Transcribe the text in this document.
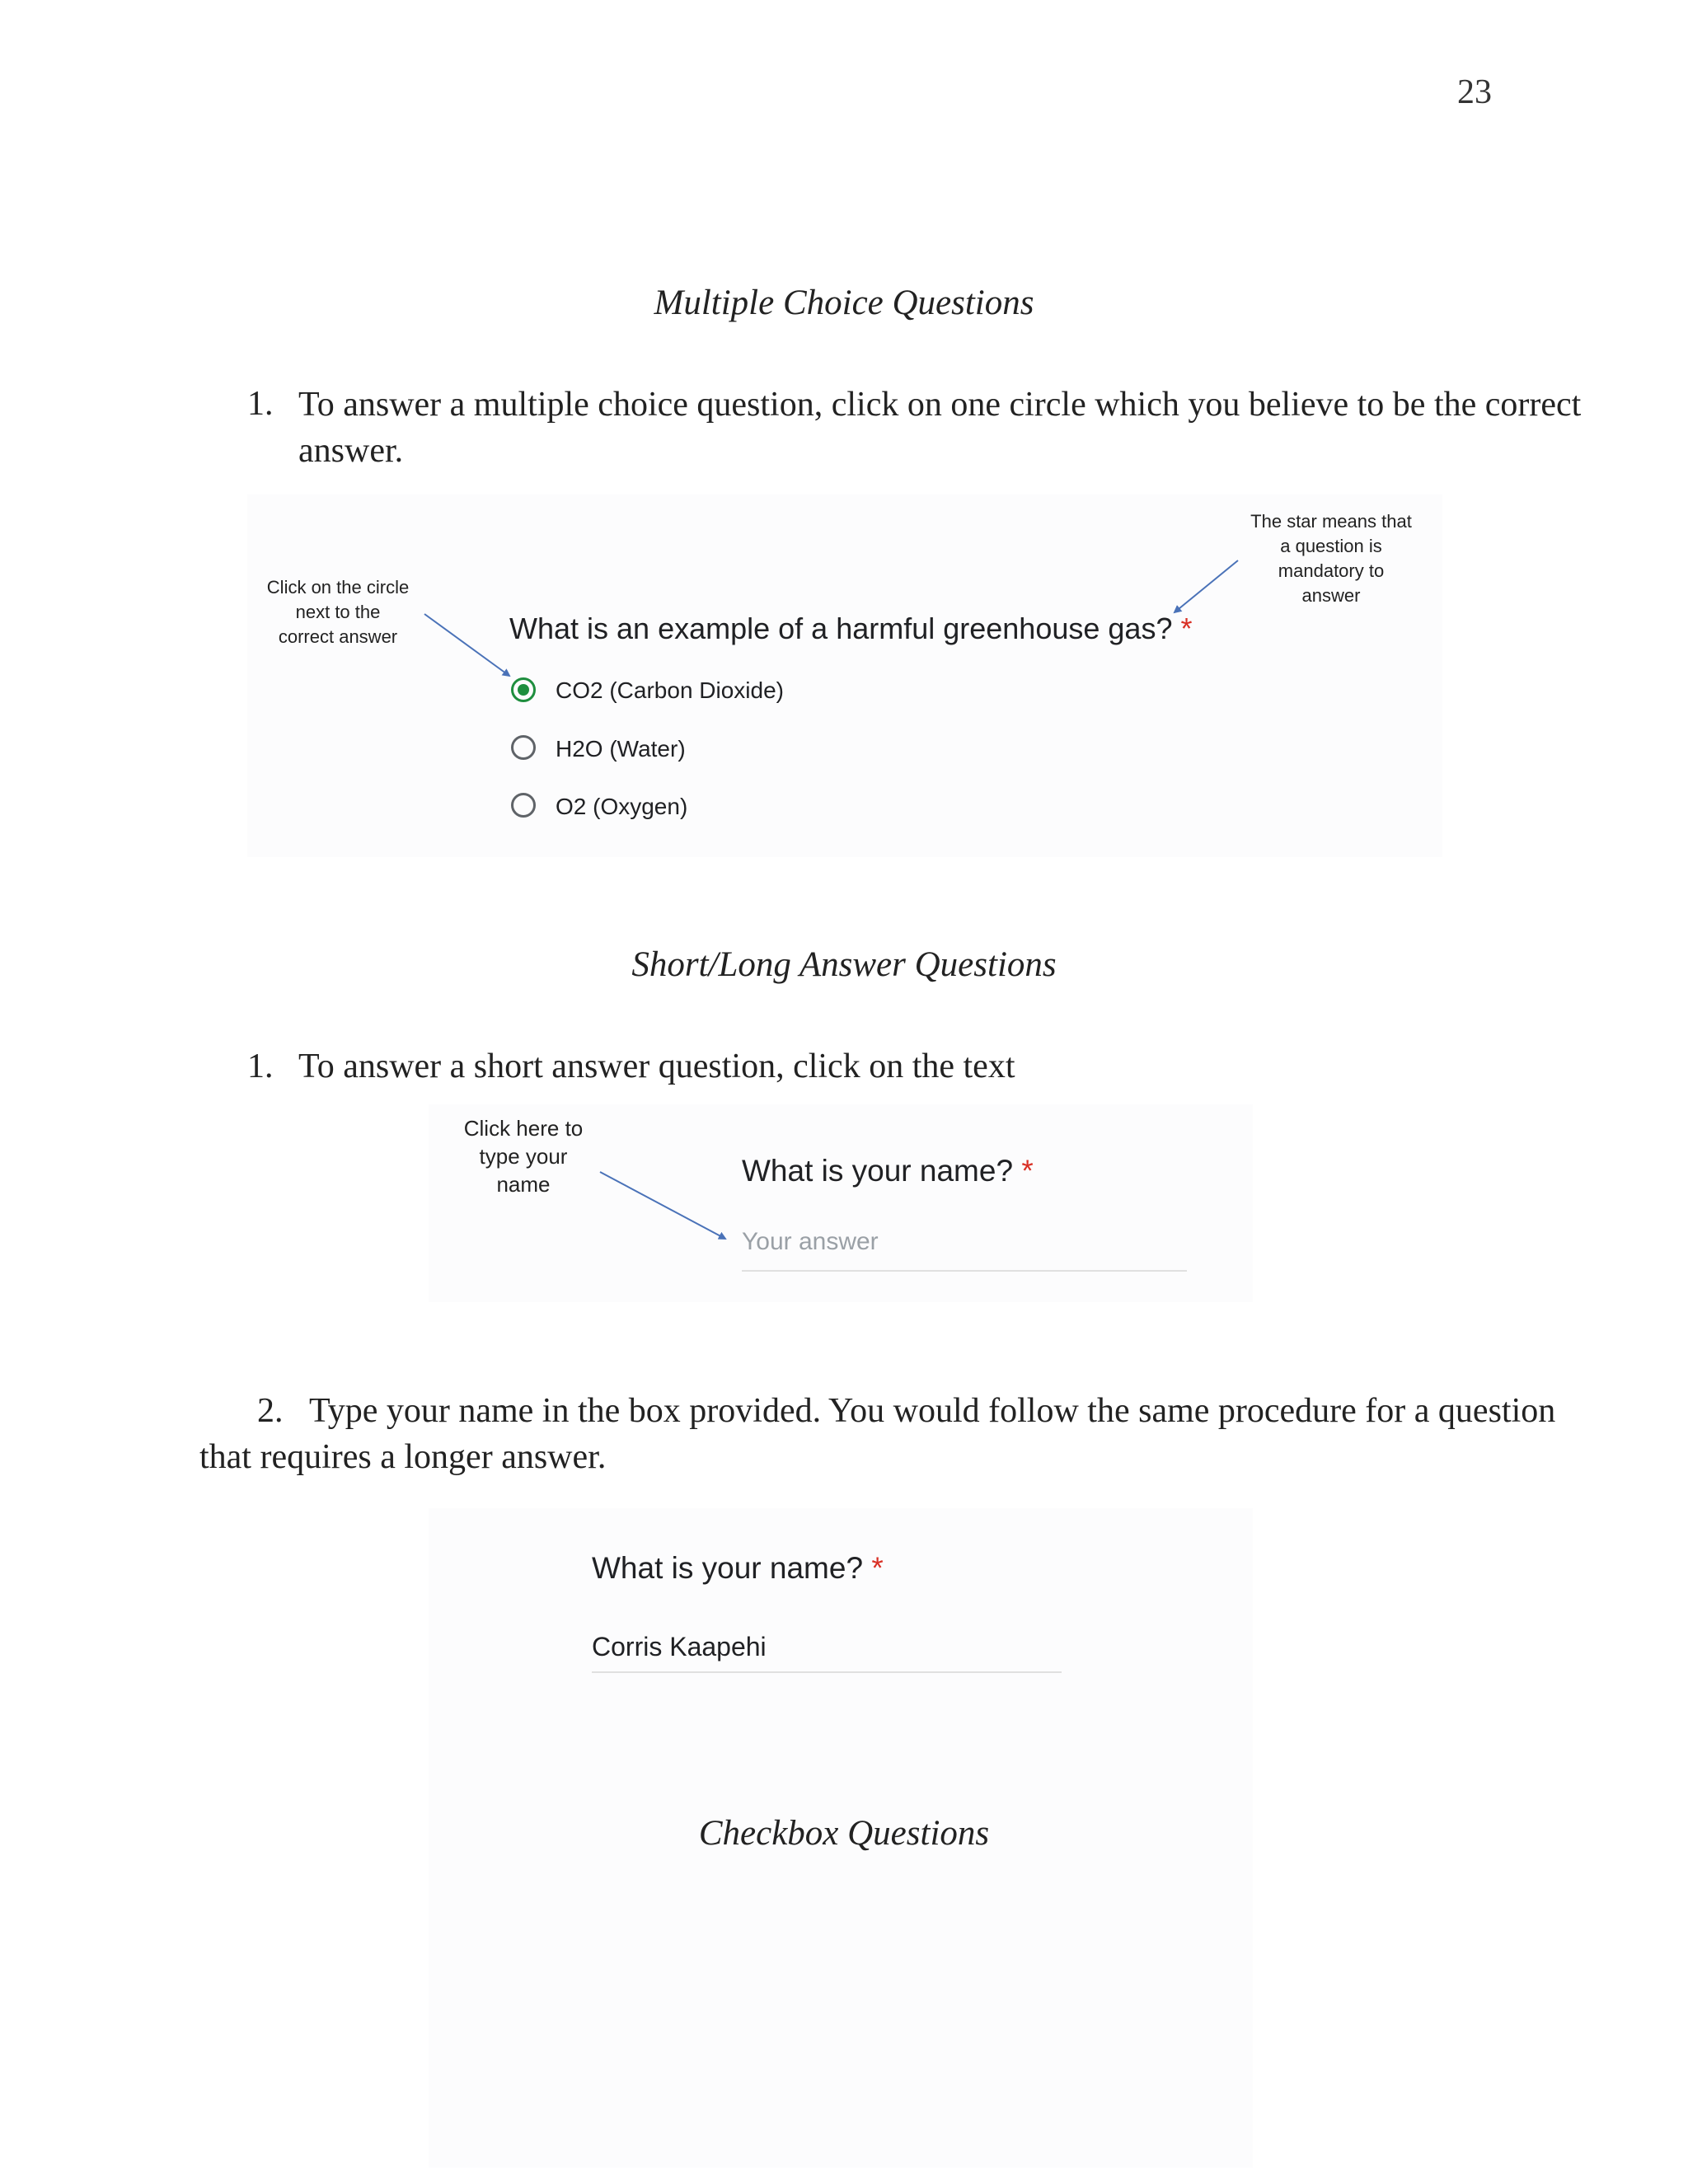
23
Multiple Choice Questions
1. To answer a multiple choice question, click on one circle which you believe to be the correct
answer.
Click on the circle
next to the
correct answer
The star means that
a question is
mandatory to
answer
What is an example of a harmful greenhouse gas? *
CO2 (Carbon Dioxide)
H2O (Water)
O2 (Oxygen)
Short/Long Answer Questions
1. To answer a short answer question, click on the text
Click here to
type your
name	What is your name? *
Your answer
2. Type your name in the box provided. You would follow the same procedure for a question
that requires a longer answer.
What is your name? *
Corris Kaapehi
Checkbox Questions
